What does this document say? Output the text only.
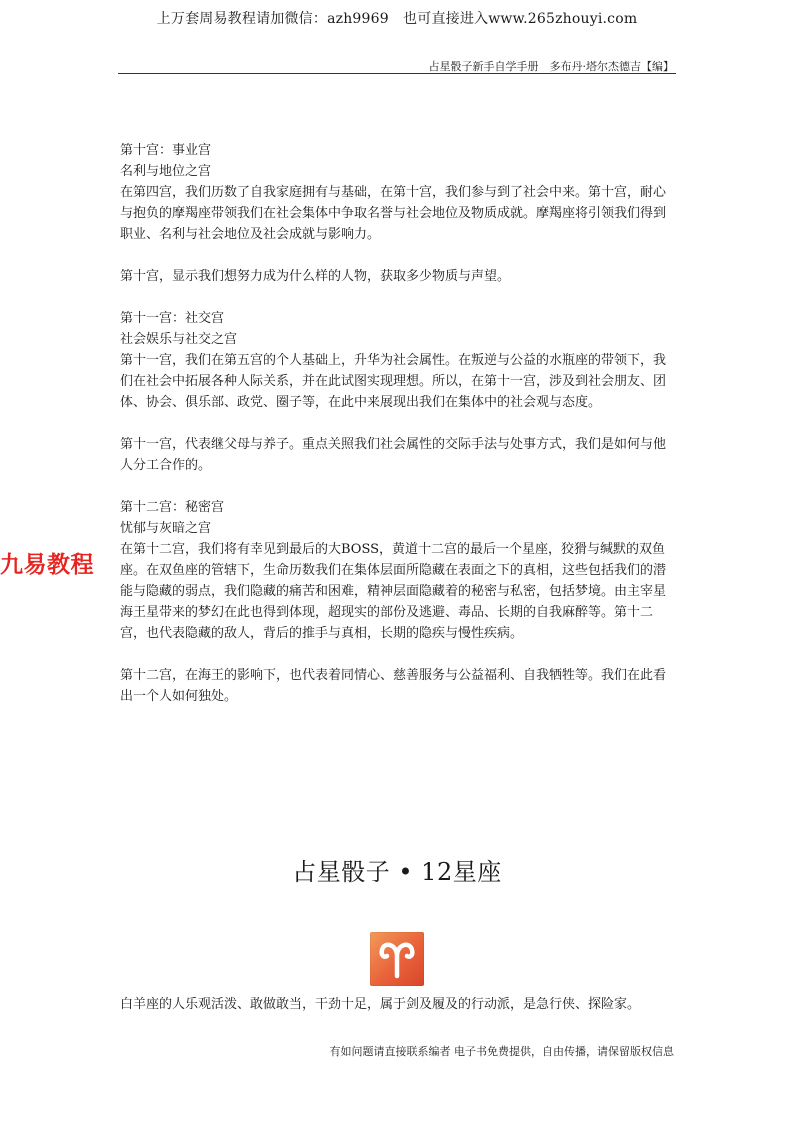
上万套周易教程请加微信：azh9969　也可直接进入www.265zhouyi.com
占星骰子新手自学手册　多布丹·塔尔杰德吉【编】

第十宫：事业宫

名利与地位之宫

在第四宫，我们历数了自我家庭拥有与基础，在第十宫，我们参与到了社会中来。第十宫，耐心与抱负的摩羯座带领我们在社会集体中争取名誉与社会地位及物质成就。摩羯座将引领我们得到职业、名利与社会地位及社会成就与影响力。

第十宫，显示我们想努力成为什么样的人物，获取多少物质与声望。

第十一宫：社交宫

社会娱乐与社交之宫

第十一宫，我们在第五宫的个人基础上，升华为社会属性。在叛逆与公益的水瓶座的带领下，我们在社会中拓展各种人际关系，并在此试图实现理想。所以，在第十一宫，涉及到社会朋友、团体、协会、俱乐部、政党、圈子等，在此中来展现出我们在集体中的社会观与态度。

第十一宫，代表继父母与养子。重点关照我们社会属性的交际手法与处事方式，我们是如何与他人分工合作的。

第十二宫：秘密宫

忧郁与灰暗之宫

在第十二宫，我们将有幸见到最后的大BOSS，黄道十二宫的最后一个星座，狡猾与缄默的双鱼座。在双鱼座的管辖下，生命历数我们在集体层面所隐藏在表面之下的真相，这些包括我们的潜能与隐藏的弱点，我们隐藏的痛苦和困难，精神层面隐藏着的秘密与私密，包括梦境。由主宰星海王星带来的梦幻在此也得到体现，超现实的部份及逃避、毒品、长期的自我麻醉等。第十二宫，也代表隐藏的敌人，背后的推手与真相，长期的隐疾与慢性疾病。

第十二宫，在海王的影响下，也代表着同情心、慈善服务与公益福利、自我牺牲等。我们在此看出一个人如何独处。

九易教程
占星骰子 • 12星座
白羊座的人乐观活泼、敢做敢当，干劲十足，属于剑及履及的行动派，是急行侠、探险家。
有如问题请直接联系编者 电子书免费提供，自由传播，请保留版权信息
